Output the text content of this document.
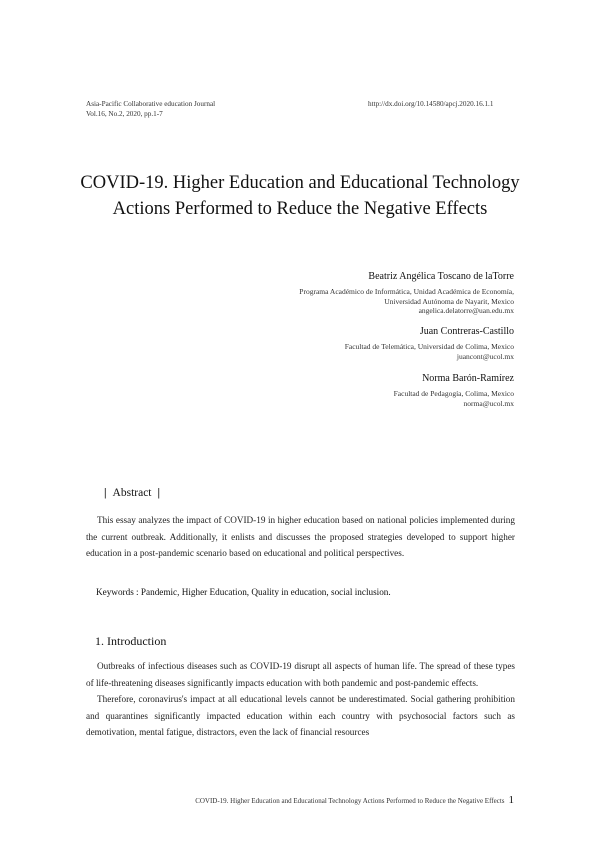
Asia-Pacific Collaborative education Journal
Vol.16, No.2, 2020, pp.1-7
http://dx.doi.org/10.14580/apcj.2020.16.1.1
COVID-19. Higher Education and Educational Technology
Actions Performed to Reduce the Negative Effects
Beatriz Angélica Toscano de laTorre
Programa Académico de Informática, Unidad Académica de Economía,
Universidad Autónoma de Nayarit, Mexico
angelica.delatorre@uan.edu.mx
Juan Contreras-Castillo
Facultad de Telemática, Universidad de Colima, Mexico
juancont@ucol.mx
Norma Barón-Ramírez
Facultad de Pedagogía, Colima, Mexico
norma@ucol.mx
| Abstract |

This essay analyzes the impact of COVID-19 in higher education based on national policies implemented during the current outbreak. Additionally, it enlists and discusses the proposed strategies developed to support higher education in a post-pandemic scenario based on educational and political perspectives.

Keywords : Pandemic, Higher Education, Quality in education, social inclusion.
1. Introduction

Outbreaks of infectious diseases such as COVID-19 disrupt all aspects of human life. The spread of these types of life-threatening diseases significantly impacts education with both pandemic and post-pandemic effects.

Therefore, coronavirus's impact at all educational levels cannot be underestimated. Social gathering prohibition and quarantines significantly impacted education within each country with psychosocial factors such as demotivation, mental fatigue, distractors, even the lack of financial resources

COVID-19. Higher Education and Educational Technology Actions Performed to Reduce the Negative Effects 1
